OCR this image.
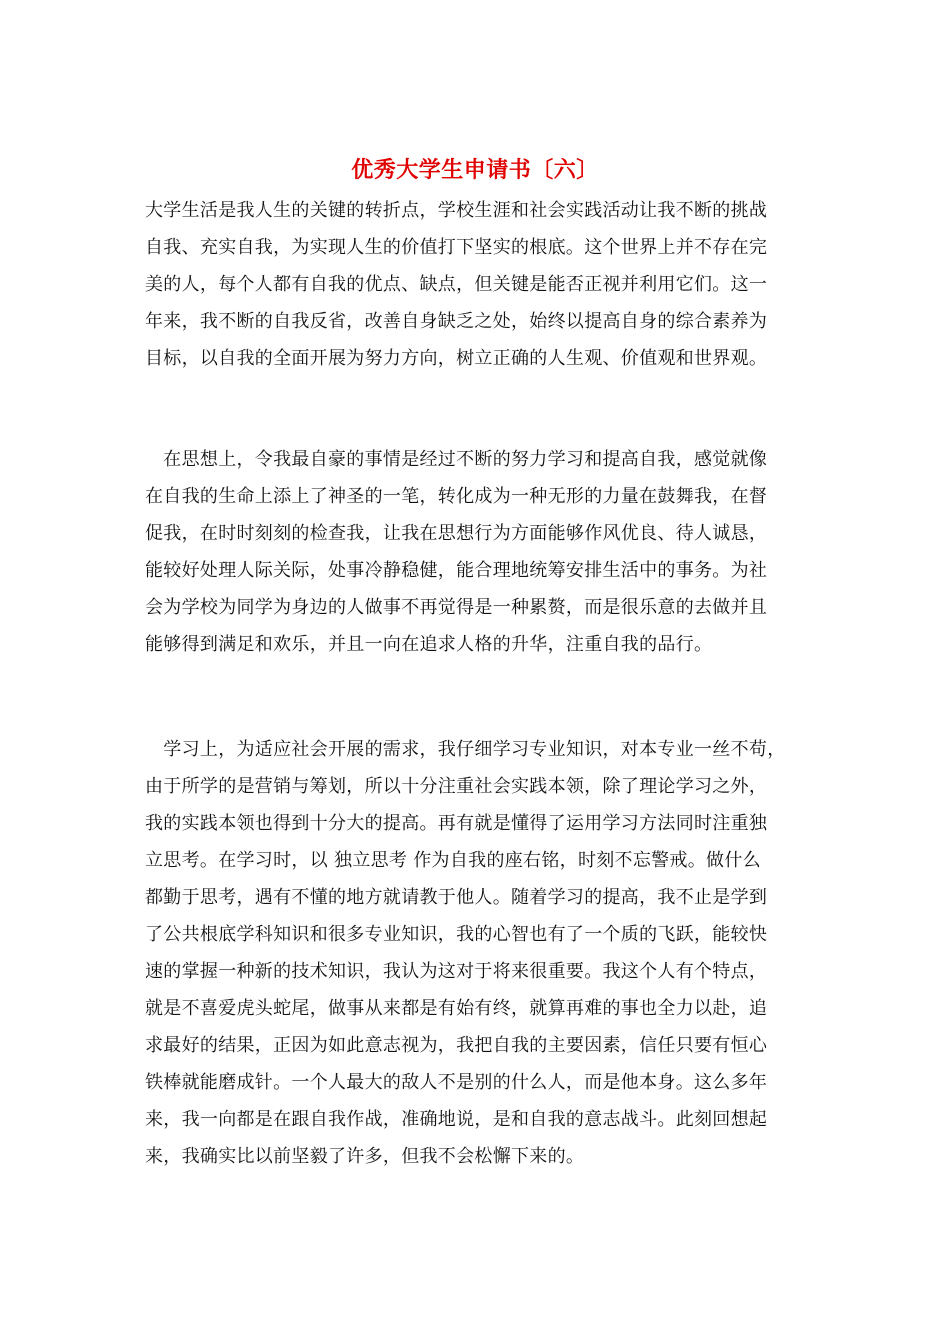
优秀大学生申请书〔六〕
大学生活是我人生的关键的转折点，学校生涯和社会实践活动让我不断的挑战
自我、充实自我，为实现人生的价值打下坚实的根底。这个世界上并不存在完
美的人，每个人都有自我的优点、缺点，但关键是能否正视并利用它们。这一
年来，我不断的自我反省，改善自身缺乏之处，始终以提高自身的综合素养为
目标，以自我的全面开展为努力方向，树立正确的人生观、价值观和世界观。
　在思想上，令我最自豪的事情是经过不断的努力学习和提高自我，感觉就像
在自我的生命上添上了神圣的一笔，转化成为一种无形的力量在鼓舞我，在督
促我，在时时刻刻的检查我，让我在思想行为方面能够作风优良、待人诚恳，
能较好处理人际关际，处事冷静稳健，能合理地统筹安排生活中的事务。为社
会为学校为同学为身边的人做事不再觉得是一种累赘，而是很乐意的去做并且
能够得到满足和欢乐，并且一向在追求人格的升华，注重自我的品行。
　学习上，为适应社会开展的需求，我仔细学习专业知识，对本专业一丝不苟，
由于所学的是营销与筹划，所以十分注重社会实践本领，除了理论学习之外，
我的实践本领也得到十分大的提高。再有就是懂得了运用学习方法同时注重独
立思考。在学习时，以 独立思考 作为自我的座右铭，时刻不忘警戒。做什么
都勤于思考，遇有不懂的地方就请教于他人。随着学习的提高，我不止是学到
了公共根底学科知识和很多专业知识，我的心智也有了一个质的飞跃，能较快
速的掌握一种新的技术知识，我认为这对于将来很重要。我这个人有个特点，
就是不喜爱虎头蛇尾，做事从来都是有始有终，就算再难的事也全力以赴，追
求最好的结果，正因为如此意志视为，我把自我的主要因素，信任只要有恒心
铁棒就能磨成针。一个人最大的敌人不是别的什么人，而是他本身。这么多年
来，我一向都是在跟自我作战，准确地说，是和自我的意志战斗。此刻回想起
来，我确实比以前坚毅了许多，但我不会松懈下来的。
